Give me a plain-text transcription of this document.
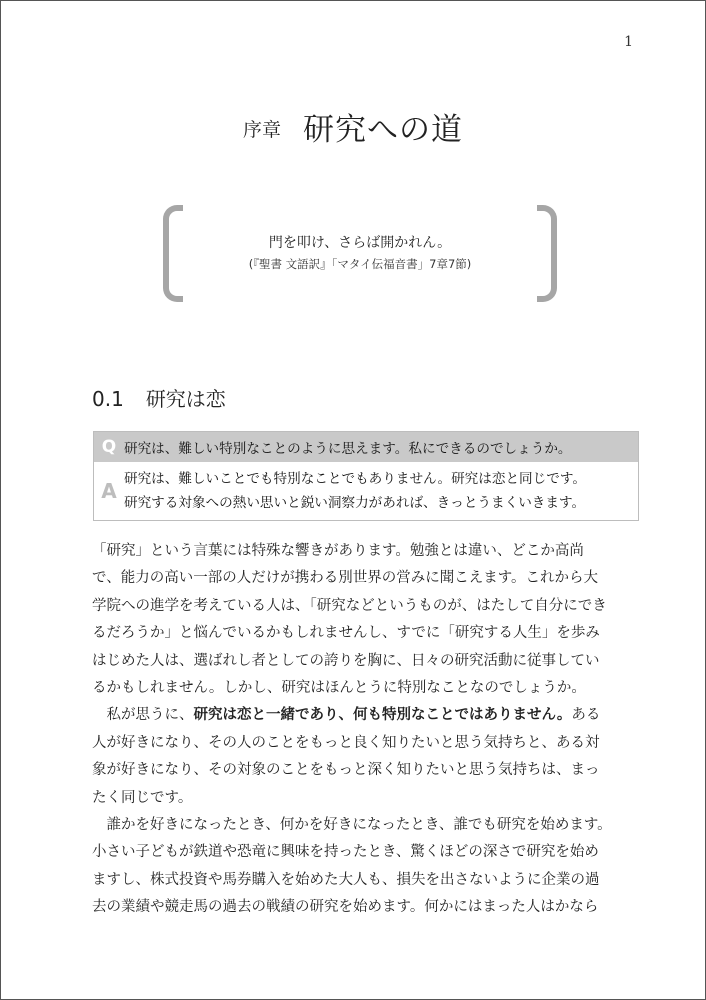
1
序章 研究への道
門を叩け、さらば開かれん。
(『聖書 文語訳』「マタイ伝福音書」7章7節)
0.1 研究は恋
Q 研究は、難しい特別なことのように思えます。私にできるのでしょうか。
A 研究は、難しいことでも特別なことでもありません。研究は恋と同じです。
研究する対象への熱い思いと鋭い洞察力があれば、きっとうまくいきます。
「研究」という言葉には特殊な響きがあります。勉強とは違い、どこか高尚
で、能力の高い一部の人だけが携わる別世界の営みに聞こえます。これから大
学院への進学を考えている人は、「研究などというものが、はたして自分にでき
るだろうか」と悩んでいるかもしれませんし、すでに「研究する人生」を歩み
はじめた人は、選ばれし者としての誇りを胸に、日々の研究活動に従事してい
るかもしれません。しかし、研究はほんとうに特別なことなのでしょうか。
　私が思うに、研究は恋と一緒であり、何も特別なことではありません。ある
人が好きになり、その人のことをもっと良く知りたいと思う気持ちと、ある対
象が好きになり、その対象のことをもっと深く知りたいと思う気持ちは、まっ
たく同じです。
　誰かを好きになったとき、何かを好きになったとき、誰でも研究を始めます。
小さい子どもが鉄道や恐竜に興味を持ったとき、驚くほどの深さで研究を始め
ますし、株式投資や馬券購入を始めた大人も、損失を出さないように企業の過
去の業績や競走馬の過去の戦績の研究を始めます。何かにはまった人はかなら
